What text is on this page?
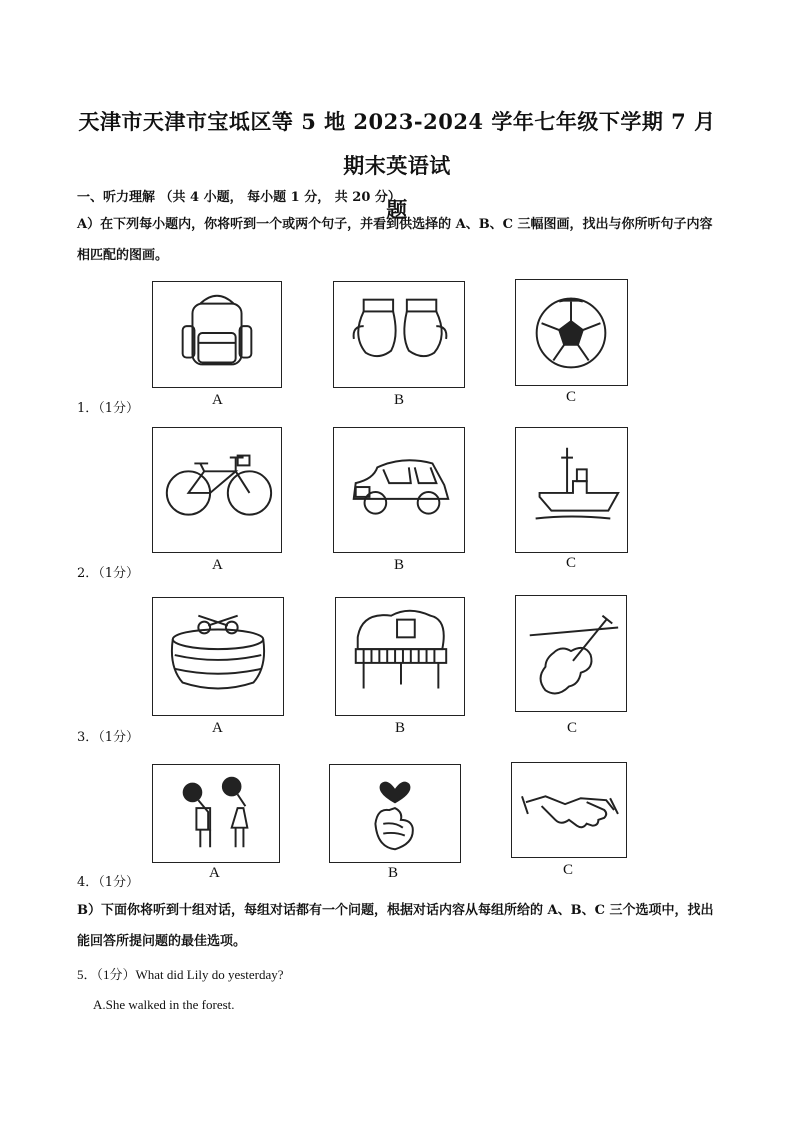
天津市天津市宝坻区等 5 地 2023-2024 学年七年级下学期 7 月期末英语试
题
一、听力理解 （共 4 小题， 每小题 1 分， 共 20 分）
A）在下列每小题内，你将听到一个或两个句子，并看到供选择的 A、B、C 三幅图画，找出与你所听句子内容相匹配的图画。
1．（1分）
A	B	C
2．（1分）
A	B	C
3．（1分）
A	B	C
4．（1分）
A	B	C
B）下面你将听到十组对话，每组对话都有一个问题，根据对话内容从每组所给的 A、B、C 三个选项中，找出能回答所提问题的最佳选项。
5．（1分）What did Lily do yesterday?
A.She walked in the forest.
